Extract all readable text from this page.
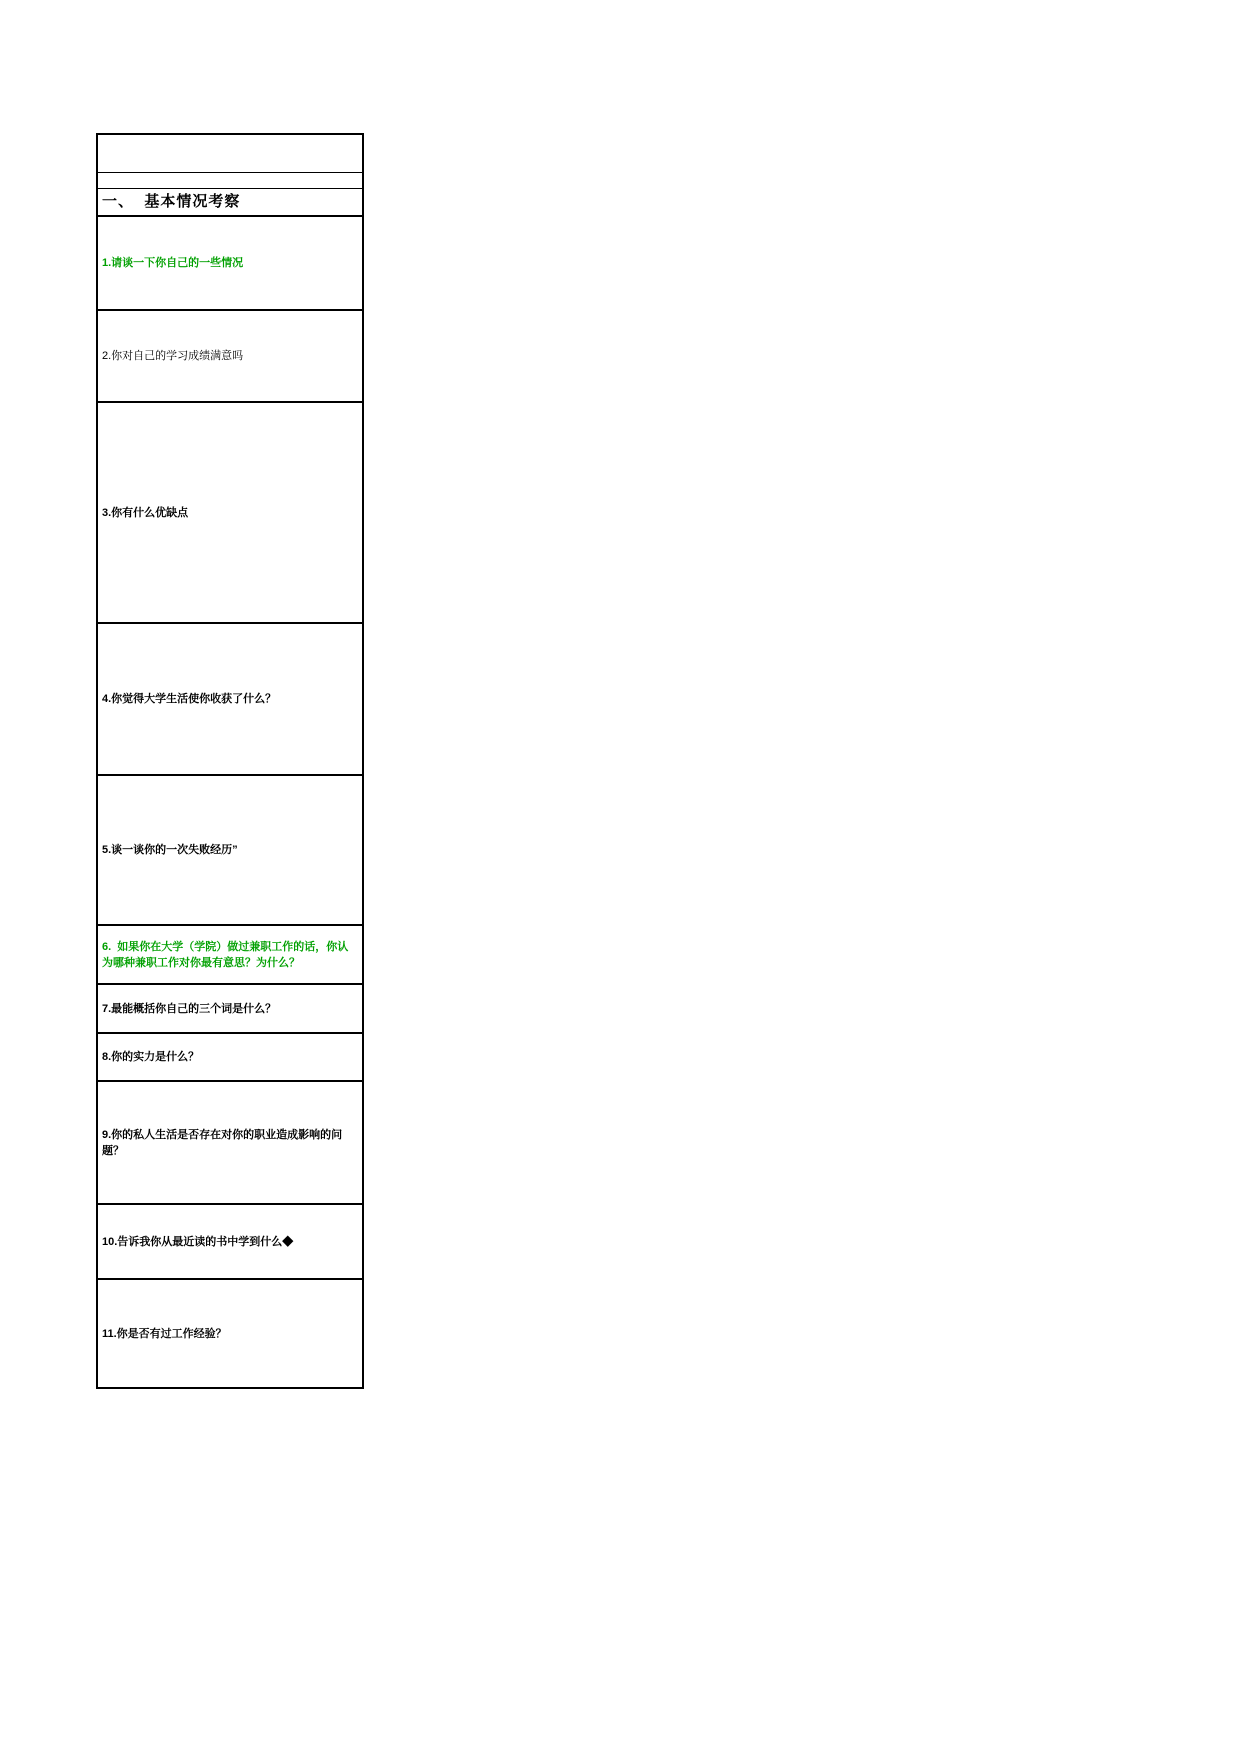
一、  基本情况考察
1.请谈一下你自己的一些情况
2.你对自己的学习成绩满意吗
3.你有什么优缺点
4.你觉得大学生活使你收获了什么？
5.谈一谈你的一次失败经历”
6.  如果你在大学（学院）做过兼职工作的话，你认为哪种兼职工作对你最有意思？为什么？
7.最能概括你自己的三个词是什么？
8.你的实力是什么？
9.你的私人生活是否存在对你的职业造成影响的问题？
10.告诉我你从最近读的书中学到什么◆
11.你是否有过工作经验？
